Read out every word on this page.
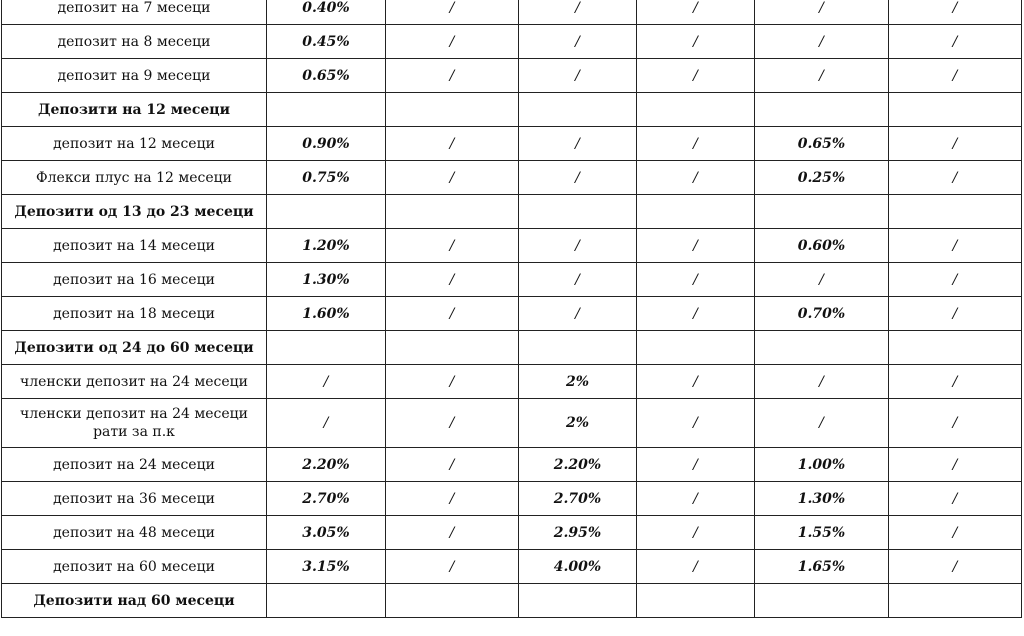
депозит на 7 месеци	0.40%	/	/	/	/	/
депозит на 8 месеци	0.45%	/	/	/	/	/
депозит на 9 месеци	0.65%	/	/	/	/	/
Депозити на 12 месеци						
депозит на 12 месеци	0.90%	/	/	/	0.65%	/
Флекси плус на 12 месеци	0.75%	/	/	/	0.25%	/
Депозити од 13 до 23 месеци						
депозит на 14 месеци	1.20%	/	/	/	0.60%	/
депозит на 16 месеци	1.30%	/	/	/	/	/
депозит на 18 месеци	1.60%	/	/	/	0.70%	/
Депозити од 24 до 60 месеци						
членски депозит на 24 месеци	/	/	2%	/	/	/
членски депозит на 24 месеци рати за п.к	/	/	2%	/	/	/
депозит на 24 месеци	2.20%	/	2.20%	/	1.00%	/
депозит на 36 месеци	2.70%	/	2.70%	/	1.30%	/
депозит на 48 месеци	3.05%	/	2.95%	/	1.55%	/
депозит на 60 месеци	3.15%	/	4.00%	/	1.65%	/
Депозити над 60 месеци						
